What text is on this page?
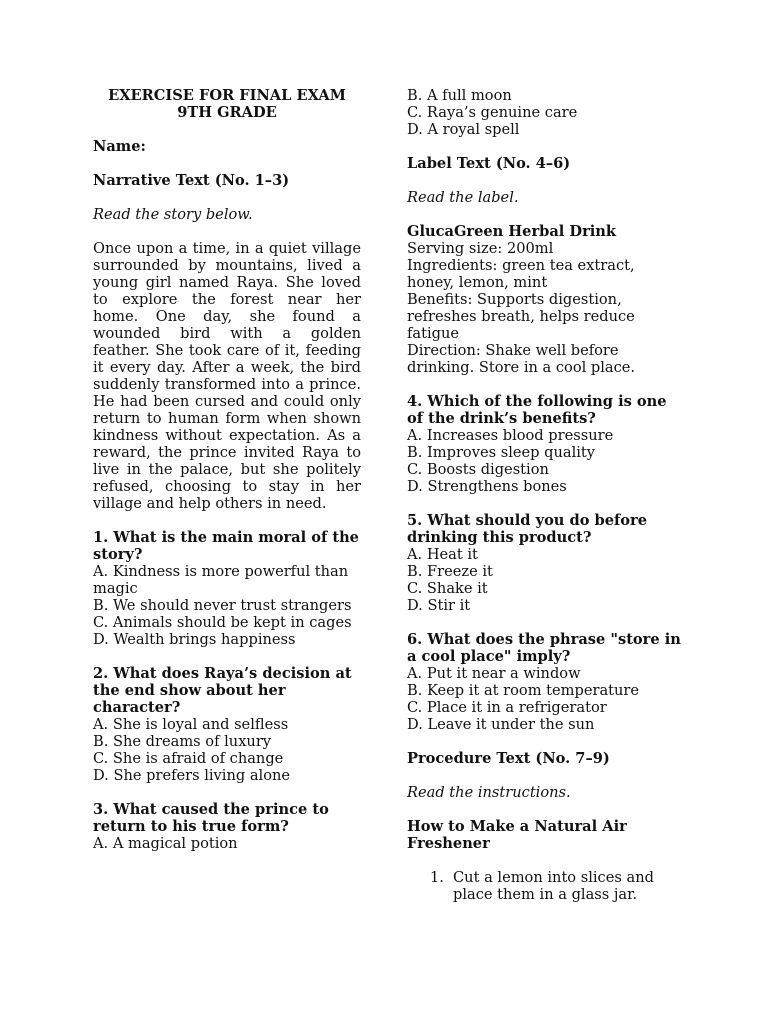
EXERCISE FOR FINAL EXAM
9TH GRADE

Name:

Narrative Text (No. 1–3)

Read the story below.

Once upon a time, in a quiet village surrounded by mountains, lived a young girl named Raya. She loved to explore the forest near her home. One day, she found a wounded bird with a golden feather. She took care of it, feeding it every day. After a week, the bird suddenly transformed into a prince. He had been cursed and could only return to human form when shown kindness without expectation. As a reward, the prince invited Raya to live in the palace, but she politely refused, choosing to stay in her village and help others in need.

1. What is the main moral of the story?

A. Kindness is more powerful than magic

B. We should never trust strangers

C. Animals should be kept in cages

D. Wealth brings happiness

2. What does Raya’s decision at the end show about her character?

A. She is loyal and selfless

B. She dreams of luxury

C. She is afraid of change

D. She prefers living alone

3. What caused the prince to return to his true form?

A. A magical potion

B. A full moon

C. Raya’s genuine care

D. A royal spell

Label Text (No. 4–6)

Read the label.

GlucaGreen Herbal Drink

Serving size: 200ml

Ingredients: green tea extract, honey, lemon, mint

Benefits: Supports digestion, refreshes breath, helps reduce fatigue

Direction: Shake well before drinking. Store in a cool place.

4. Which of the following is one of the drink’s benefits?

A. Increases blood pressure

B. Improves sleep quality

C. Boosts digestion

D. Strengthens bones

5. What should you do before drinking this product?

A. Heat it

B. Freeze it

C. Shake it

D. Stir it

6. What does the phrase "store in a cool place" imply?

A. Put it near a window

B. Keep it at room temperature

C. Place it in a refrigerator

D. Leave it under the sun

Procedure Text (No. 7–9)

Read the instructions.

How to Make a Natural Air Freshener

1. Cut a lemon into slices and place them in a glass jar.
